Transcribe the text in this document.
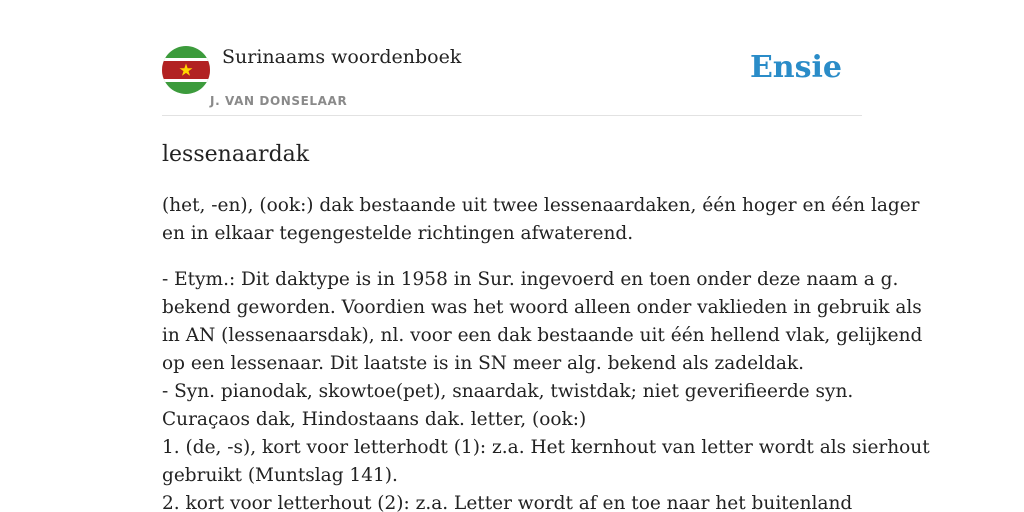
Surinaams woordenboek
J. VAN DONSELAAR
Ensie
lessenaardak

(het, -en), (ook:) dak bestaande uit twee lessenaardaken, één hoger en één lager
en in elkaar tegengestelde richtingen afwaterend.

- Etym.: Dit daktype is in 1958 in Sur. ingevoerd en toen onder deze naam a g.
bekend geworden. Voordien was het woord alleen onder vaklieden in gebruik als
in AN (lessenaarsdak), nl. voor een dak bestaande uit één hellend vlak, gelijkend
op een lessenaar. Dit laatste is in SN meer alg. bekend als zadeldak.
- Syn. pianodak, skowtoe(pet), snaardak, twistdak; niet geverifieerde syn.
Curaçaos dak, Hindostaans dak. letter, (ook:)
1. (de, -s), kort voor letterhodt (1): z.a. Het kernhout van letter wordt als sierhout
gebruikt (Muntslag 141).
2. kort voor letterhout (2): z.a. Letter wordt af en toe naar het buitenland
